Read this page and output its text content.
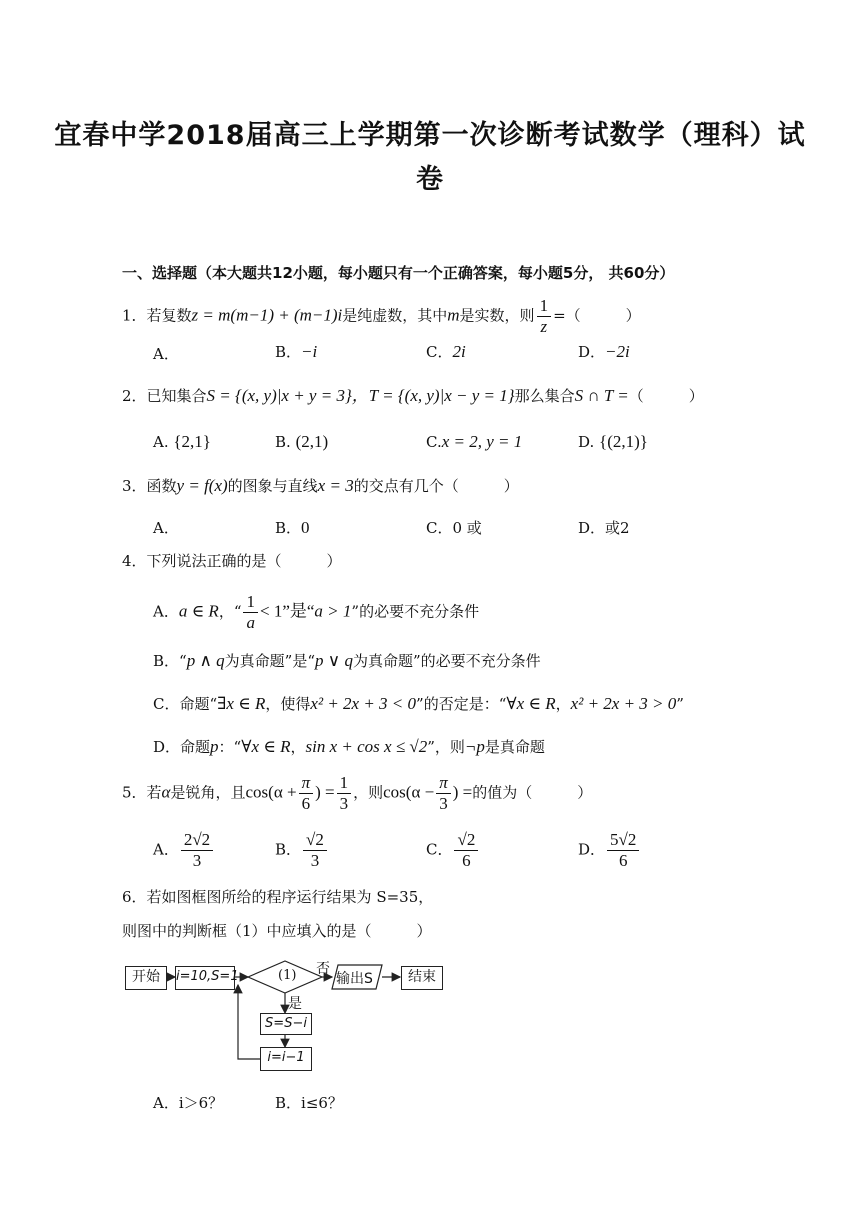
宜春中学2018届高三上学期第一次诊断考试数学（理科）试
卷
一、选择题（本大题共12小题，每小题只有一个正确答案，每小题5分， 共60分）
1．若复数z = m(m−1) + (m−1)i是纯虚数，其中m是实数，则 $\frac{1}{z}$ =（　　　）
A．	B．−i	C．2i	D．−2i
2．已知集合S = {(x, y)|x + y = 3}，T = {(x, y)|x − y = 1}那么集合S ∩ T =（　　　）
A. {2,1}	B. (2,1)	C.x = 2, y = 1	D. {(2,1)}
3．函数y = f(x)的图象与直线x = 3的交点有几个（　　　）
A．	B．0	C．0 或	D．或2
4．下列说法正确的是（　　　）
A．a ∈ R，“ $\frac{1}{a} < 1$”是“a > 1”的必要不充分条件
B．“p ∧ q为真命题”是“p ∨ q为真命题”的必要不充分条件
C．命题“∃x ∈ R，使得x² + 2x + 3 < 0”的否定是：“∀x ∈ R，x² + 2x + 3 > 0”
D．命题p：“∀x ∈ R，sin x + cos x ≤ √2”，则¬p是真命题
5．若α是锐角，且$\cos(\alpha + \frac{\pi}{6}$ ) = $\frac{1}{3}$ ，则$\cos(\alpha - \frac{\pi}{3}$ ) =的值为（　　　）
A． $\frac{2√2}{3}$	B． $\frac{√2}{3}$	C． $\frac{√2}{6}$	D． $\frac{5√2}{6}$
6．若如图框图所给的程序运行结果为 S=35，
则图中的判断框（1）中应填入的是（　　　）
开始	i=10,S=1	(1) 否
是
输出S	结束
S=S−i
i=i−1
A．i＞6？	B．i≤6？
